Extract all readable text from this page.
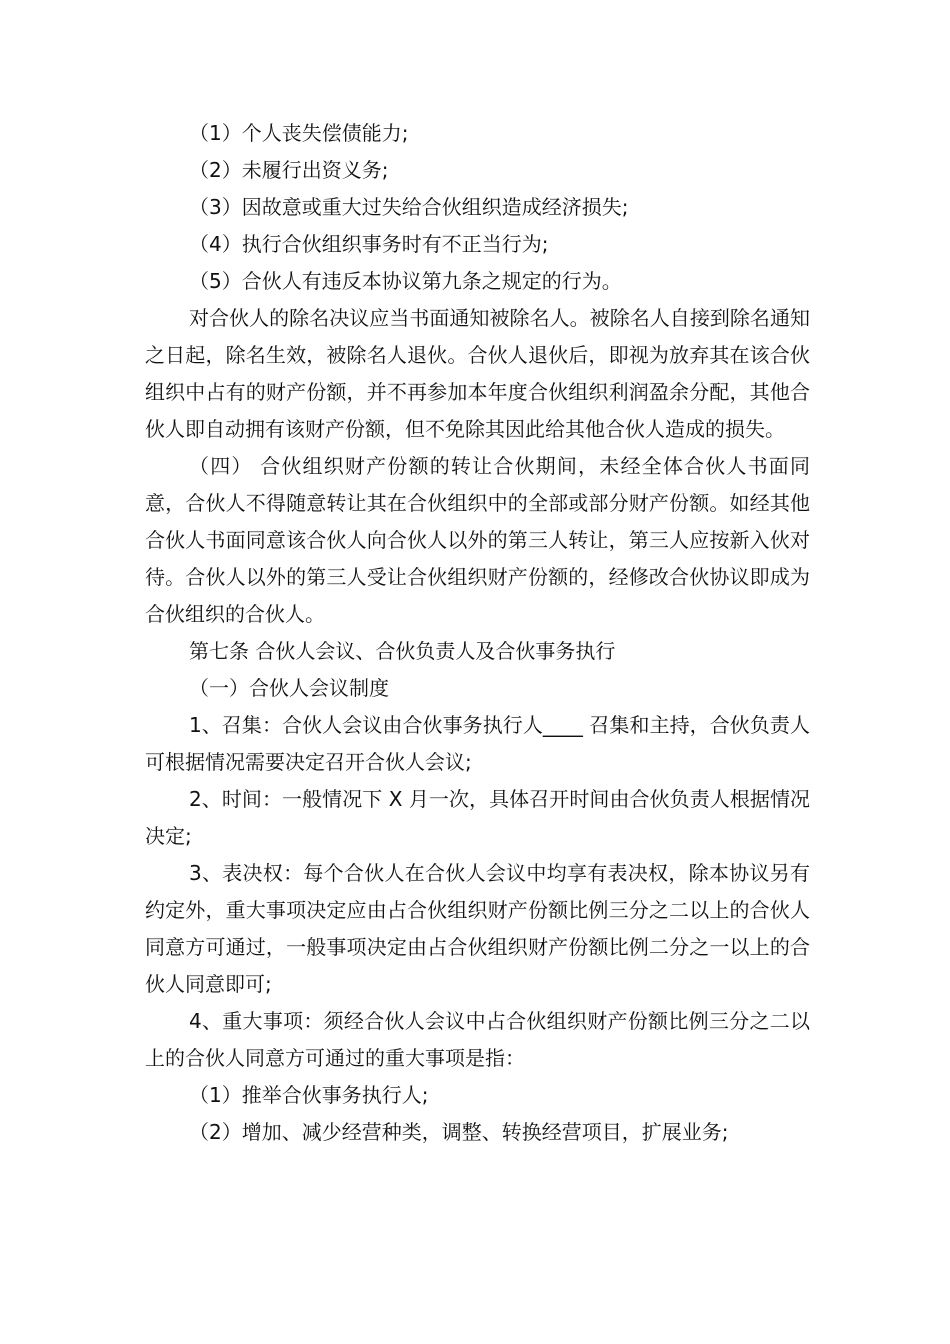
（1）个人丧失偿债能力;

（2）未履行出资义务;

（3）因故意或重大过失给合伙组织造成经济损失;

（4）执行合伙组织事务时有不正当行为;

（5）合伙人有违反本协议第九条之规定的行为。

对合伙人的除名决议应当书面通知被除名人。被除名人自接到除名通知之日起，除名生效，被除名人退伙。合伙人退伙后，即视为放弃其在该合伙组织中占有的财产份额，并不再参加本年度合伙组织利润盈余分配，其他合伙人即自动拥有该财产份额，但不免除其因此给其他合伙人造成的损失。

（四） 合伙组织财产份额的转让合伙期间，未经全体合伙人书面同意，合伙人不得随意转让其在合伙组织中的全部或部分财产份额。如经其他合伙人书面同意该合伙人向合伙人以外的第三人转让，第三人应按新入伙对待。合伙人以外的第三人受让合伙组织财产份额的，经修改合伙协议即成为合伙组织的合伙人。

第七条 合伙人会议、合伙负责人及合伙事务执行

（一）合伙人会议制度

1、召集：合伙人会议由合伙事务执行人____ 召集和主持，合伙负责人可根据情况需要决定召开合伙人会议;

2、时间：一般情况下 X 月一次，具体召开时间由合伙负责人根据情况决定;

3、表决权：每个合伙人在合伙人会议中均享有表决权，除本协议另有约定外，重大事项决定应由占合伙组织财产份额比例三分之二以上的合伙人同意方可通过，一般事项决定由占合伙组织财产份额比例二分之一以上的合伙人同意即可;

4、重大事项：须经合伙人会议中占合伙组织财产份额比例三分之二以上的合伙人同意方可通过的重大事项是指：

（1）推举合伙事务执行人;

（2）增加、减少经营种类，调整、转换经营项目，扩展业务;
